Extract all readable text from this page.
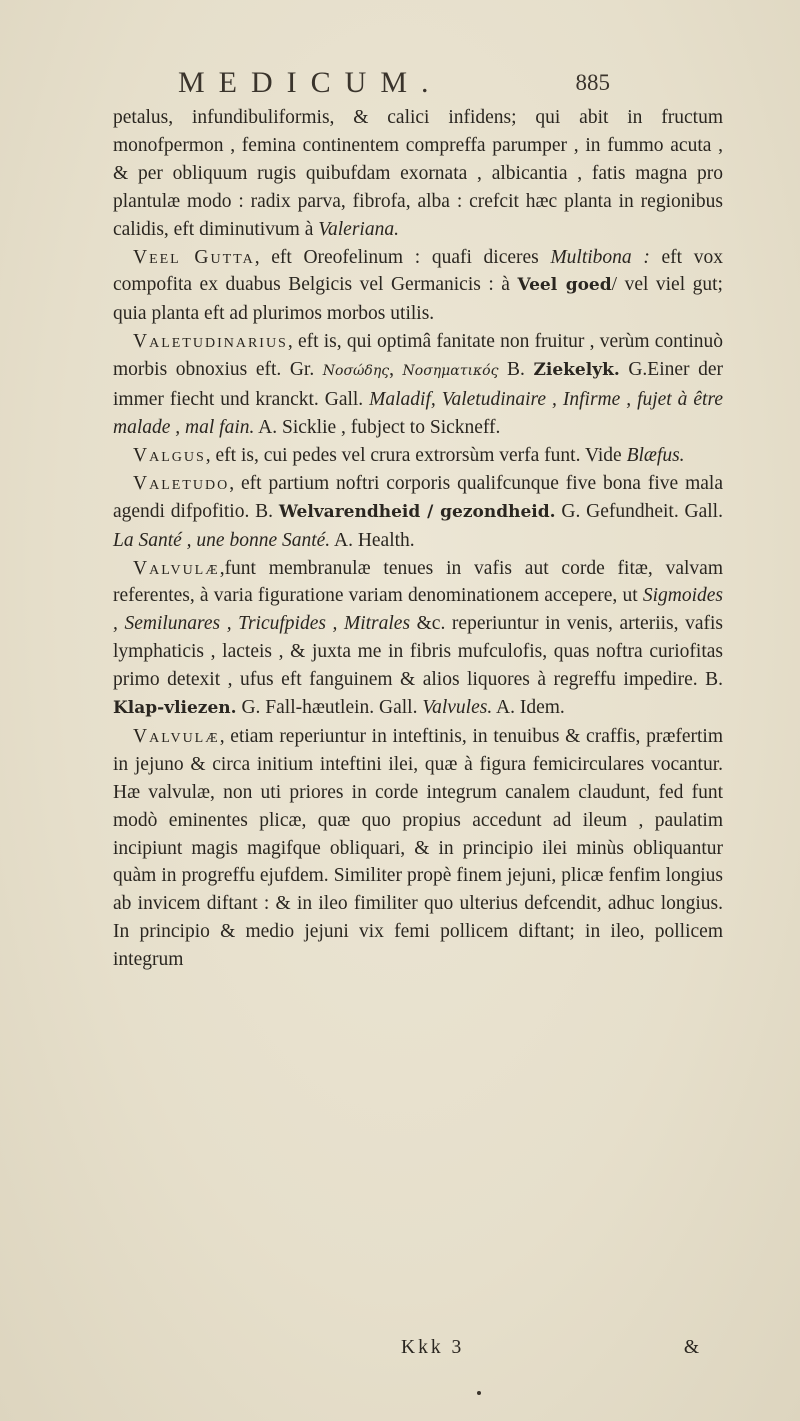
MEDICUM.	885

petalus, infundibuliformis, & calici infidens; qui abit in fructum monofpermon , femina continentem compreffa parumper , in fummo acuta , & per obliquum rugis quibufdam exornata , albicantia , fatis magna pro plantulæ modo : radix parva, fibrofa, alba : crefcit hæc planta in regionibus calidis, eft diminutivum à Valeriana.

Veel Gutta, eft Oreofelinum : quafi diceres Multibona : eft vox compofita ex duabus Belgicis vel Germanicis : à Veel goed/ vel viel gut; quia planta eft ad plurimos morbos utilis.

Valetudinarius, eft is, qui optimâ fanitate non fruitur , verùm continuò morbis obnoxius eft. Gr. Νοσώδης, Νοσηματικός B. Ziekelyk. G.Einer der immer fiecht und kranckt. Gall. Maladif, Valetudinaire , Infirme , fujet à être malade , mal fain. A. Sicklie , fubject to Sickneff.

Valgus, eft is, cui pedes vel crura extrorsùm verfa funt. Vide Blæfus.

Valetudo, eft partium noftri corporis qualifcunque five bona five mala agendi difpofitio. B. Welvarendheid / gezondheid. G. Gefundheit. Gall. La Santé , une bonne Santé. A. Health.

Valvulæ,funt membranulæ tenues in vafis aut corde fitæ, valvam referentes, à varia figuratione variam denominationem accepere, ut Sigmoides , Semilunares , Tricufpides , Mitrales &c. reperiuntur in venis, arteriis, vafis lymphaticis , lacteis , & juxta me in fibris mufculofis, quas noftra curiofitas primo detexit , ufus eft fanguinem & alios liquores à regreffu impedire. B. Klap-vliezen. G. Fall-hæutlein. Gall. Valvules. A. Idem.

Valvulæ, etiam reperiuntur in inteftinis, in tenuibus & craffis, præfertim in jejuno & circa initium inteftini ilei, quæ à figura femicirculares vocantur. Hæ valvulæ, non uti priores in corde integrum canalem claudunt, fed funt modò eminentes plicæ, quæ quo propius accedunt ad ileum , paulatim incipiunt magis magifque obliquari, & in principio ilei minùs obliquantur quàm in progreffu ejufdem. Similiter propè finem jejuni, plicæ fenfim longius ab invicem diftant : & in ileo fimiliter quo ulterius defcendit, adhuc longius. In principio & medio jejuni vix femi pollicem diftant; in ileo, pollicem integrum

Kkk 3	&
